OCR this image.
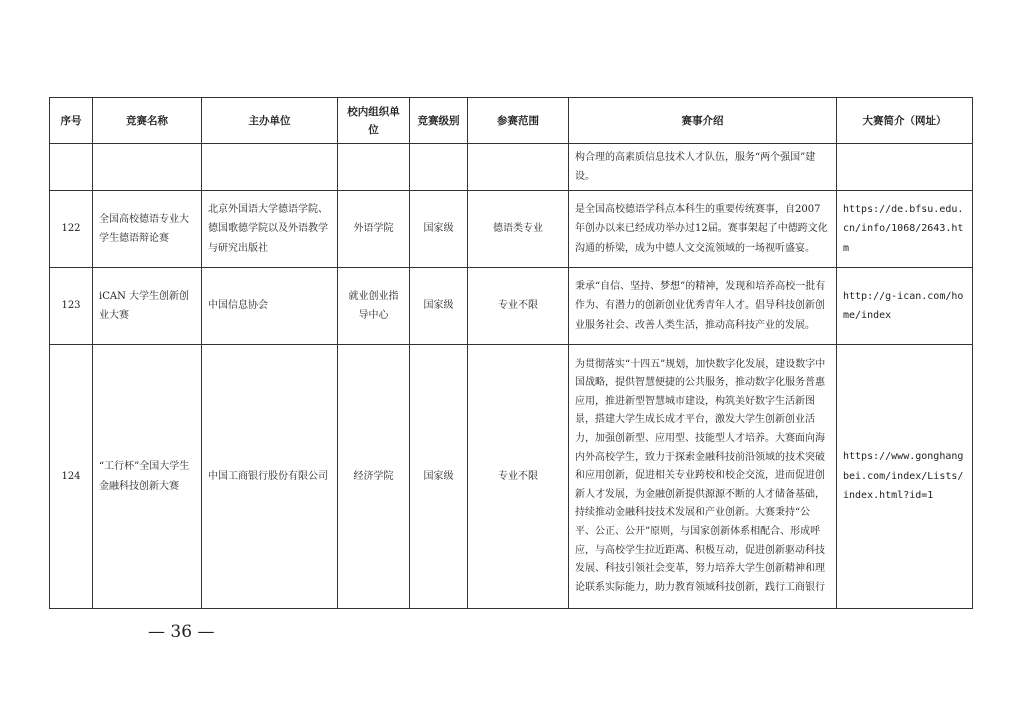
序号	竞赛名称	主办单位	校内组织单位	竞赛级别	参赛范围	赛事介绍	大赛简介（网址）
						构合理的高素质信息技术人才队伍，服务“两个强国”建设。	
122	全国高校德语专业大学生德语辩论赛	北京外国语大学德语学院、德国歌德学院以及外语教学与研究出版社	外语学院	国家级	德语类专业	是全国高校德语学科点本科生的重要传统赛事，自2007年创办以来已经成功举办过12届。赛事架起了中德跨文化沟通的桥梁，成为中德人文交流领域的一场视听盛宴。	https://de.bfsu.edu.cn/info/1068/2643.htm
123	iCAN 大学生创新创业大赛	中国信息协会	就业创业指导中心	国家级	专业不限	秉承“自信、坚持、梦想”的精神，发现和培养高校一批有作为、有潜力的创新创业优秀青年人才。倡导科技创新创业服务社会、改善人类生活，推动高科技产业的发展。	http://g-ican.com/home/index
124	“工行杯”全国大学生金融科技创新大赛	中国工商银行股份有限公司	经济学院	国家级	专业不限	为贯彻落实“十四五”规划，加快数字化发展，建设数字中国战略，提供智慧便捷的公共服务，推动数字化服务普惠应用，推进新型智慧城市建设，构筑美好数字生活新图景，搭建大学生成长成才平台，激发大学生创新创业活力，加强创新型、应用型、技能型人才培养。大赛面向海内外高校学生，致力于探索金融科技前沿领域的技术突破和应用创新，促进相关专业跨校和校企交流，进而促进创新人才发展，为金融创新提供源源不断的人才储备基础，持续推动金融科技技术发展和产业创新。大赛秉持“公平、公正、公开”原则，与国家创新体系相配合、形成呼应，与高校学生拉近距离、积极互动，促进创新驱动科技发展、科技引领社会变革，努力培养大学生创新精神和理论联系实际能力，助力教育领域科技创新，践行工商银行	https://www.gonghangbei.com/index/Lists/index.html?id=1
— 36 —
